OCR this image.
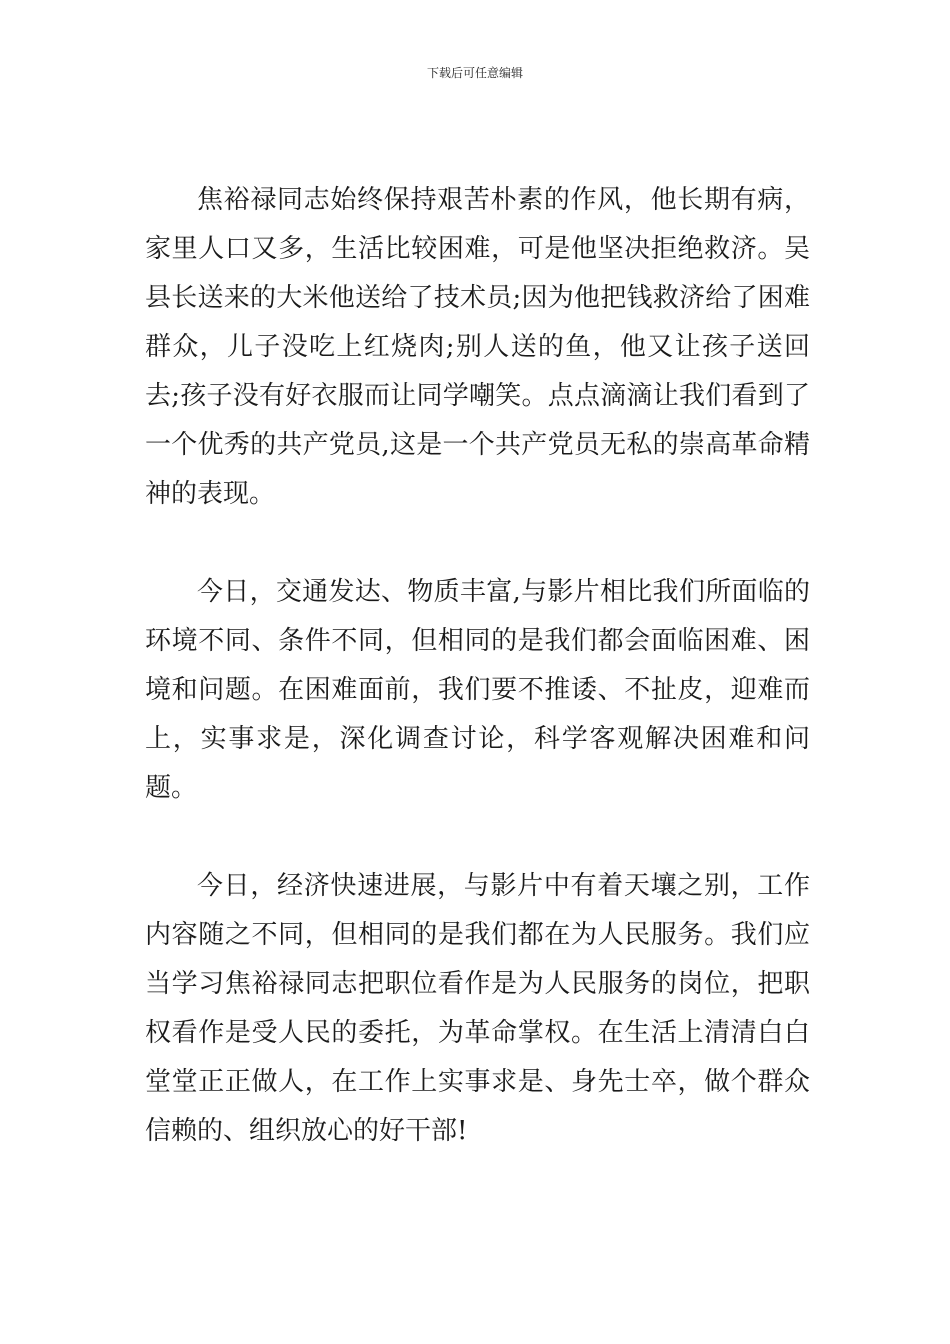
下载后可任意编辑

焦裕禄同志始终保持艰苦朴素的作风，他长期有病，家里人口又多，生活比较困难，可是他坚决拒绝救济。吴县长送来的大米他送给了技术员;因为他把钱救济给了困难群众，儿子没吃上红烧肉;别人送的鱼，他又让孩子送回去;孩子没有好衣服而让同学嘲笑。点点滴滴让我们看到了一个优秀的共产党员,这是一个共产党员无私的崇高革命精神的表现。

今日，交通发达、物质丰富,与影片相比我们所面临的环境不同、条件不同，但相同的是我们都会面临困难、困境和问题。在困难面前，我们要不推诿、不扯皮，迎难而上，实事求是，深化调查讨论，科学客观解决困难和问题。

今日，经济快速进展，与影片中有着天壤之别，工作内容随之不同，但相同的是我们都在为人民服务。我们应当学习焦裕禄同志把职位看作是为人民服务的岗位，把职权看作是受人民的委托，为革命掌权。在生活上清清白白堂堂正正做人，在工作上实事求是、身先士卒，做个群众信赖的、组织放心的好干部!
